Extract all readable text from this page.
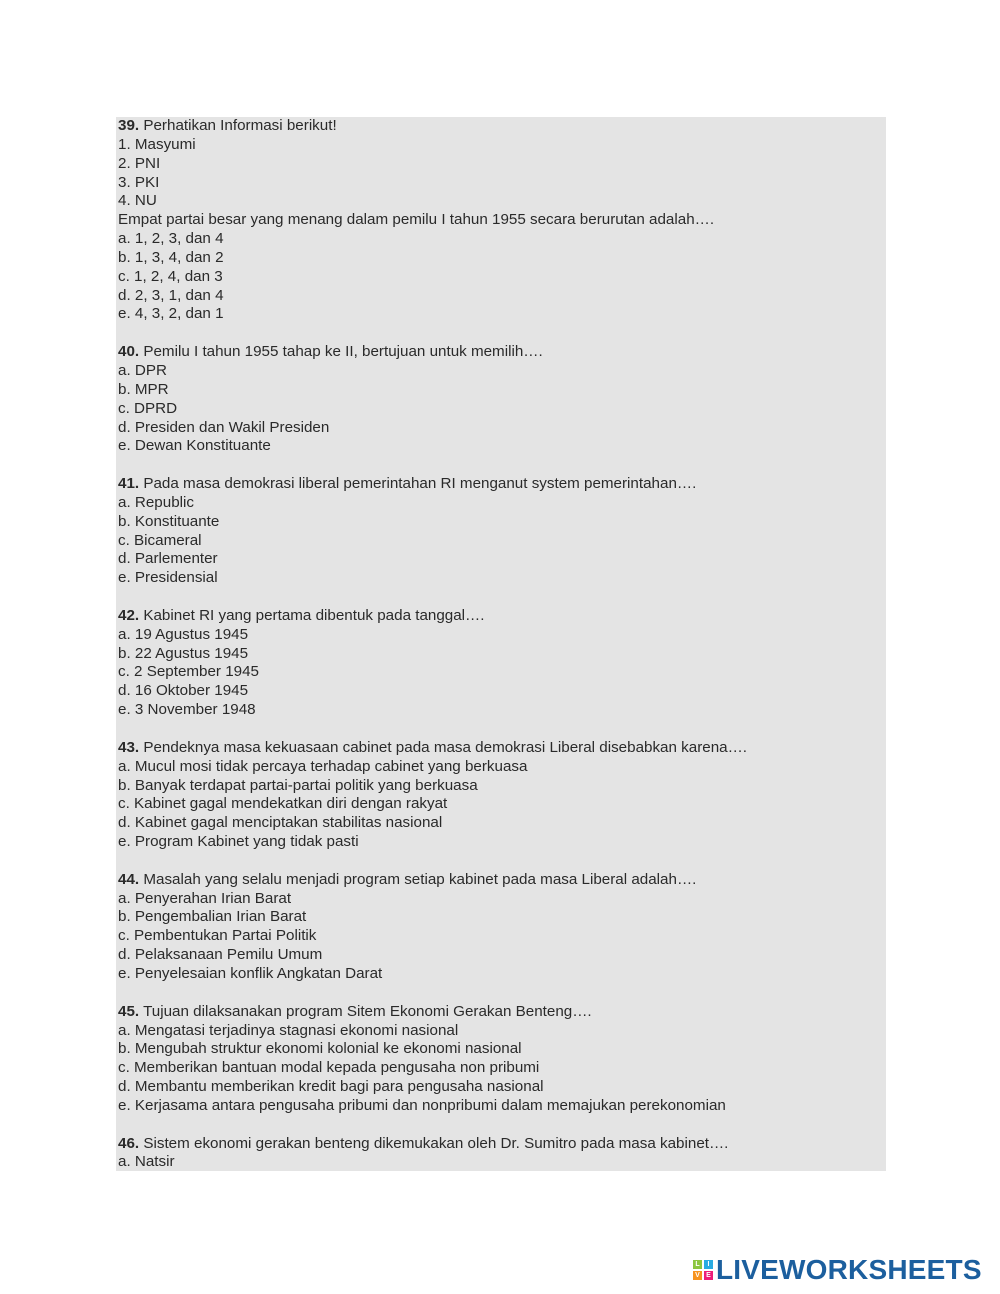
39. Perhatikan Informasi berikut!
1. Masyumi
2. PNI
3. PKI
4. NU
Empat partai besar yang menang dalam pemilu I tahun 1955 secara berurutan adalah….
a. 1, 2, 3, dan 4
b. 1, 3, 4, dan 2
c. 1, 2, 4, dan 3
d. 2, 3, 1, dan 4
e. 4, 3, 2, dan 1
40. Pemilu I tahun 1955 tahap ke II, bertujuan untuk memilih….
a. DPR
b. MPR
c. DPRD
d. Presiden dan Wakil Presiden
e. Dewan Konstituante
41. Pada masa demokrasi liberal pemerintahan RI menganut system pemerintahan….
a. Republic
b. Konstituante
c. Bicameral
d. Parlementer
e. Presidensial
42. Kabinet RI yang pertama dibentuk pada tanggal….
a. 19 Agustus 1945
b. 22 Agustus 1945
c. 2 September 1945
d. 16 Oktober 1945
e. 3 November 1948
43. Pendeknya masa kekuasaan cabinet pada masa demokrasi Liberal disebabkan karena….
a. Mucul mosi tidak percaya terhadap cabinet yang berkuasa
b. Banyak terdapat partai-partai politik yang berkuasa
c. Kabinet gagal mendekatkan diri dengan rakyat
d. Kabinet gagal menciptakan stabilitas nasional
e. Program Kabinet yang tidak pasti
44. Masalah yang selalu menjadi program setiap kabinet pada masa Liberal adalah….
a. Penyerahan Irian Barat
b. Pengembalian Irian Barat
c. Pembentukan Partai Politik
d. Pelaksanaan Pemilu Umum
e. Penyelesaian konflik Angkatan Darat
45. Tujuan dilaksanakan program Sitem Ekonomi Gerakan Benteng….
a. Mengatasi terjadinya stagnasi ekonomi nasional
b. Mengubah struktur ekonomi kolonial ke ekonomi nasional
c. Memberikan bantuan modal kepada pengusaha non pribumi
d. Membantu memberikan kredit bagi para pengusaha nasional
e. Kerjasama antara pengusaha pribumi dan nonpribumi dalam memajukan perekonomian
46. Sistem ekonomi gerakan benteng dikemukakan oleh Dr. Sumitro pada masa kabinet….
a. Natsir
L	I
V E LIVEWORKSHEETS
